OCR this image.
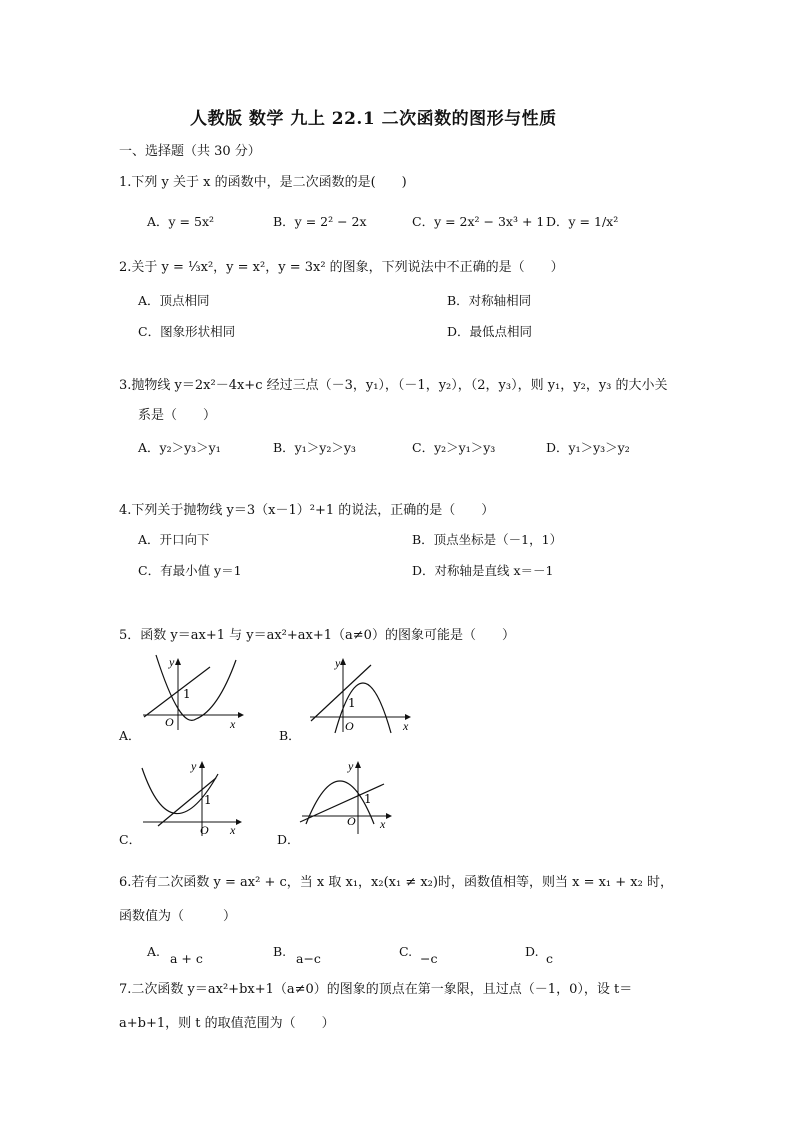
人教版 数学 九上 22.1 二次函数的图形与性质
一、选择题（共 30 分）
1.下列 y 关于 x 的函数中，是二次函数的是(　　)
A．y = 5x²	B．y = 2² − 2x	C．y = 2x² − 3x³ + 1 D．y = 1/x²
2.关于 y = ⅓x²，y = x²，y = 3x² 的图象，下列说法中不正确的是（　　）
A．顶点相同	B．对称轴相同
C．图象形状相同	D．最低点相同
3.抛物线 y＝2x²－4x+c 经过三点（－3，y₁），（－1，y₂），（2，y₃），则 y₁，y₂，y₃ 的大小关
系是（　　）
A．y₂＞y₃＞y₁	B．y₁＞y₂＞y₃	C．y₂＞y₁＞y₃	D．y₁＞y₃＞y₂
4.下列关于抛物线 y＝3（x－1）²+1 的说法，正确的是（　　）
A．开口向下	B．顶点坐标是（－1，1）
C．有最小值 y＝1	D．对称轴是直线 x＝－1
5．函数 y＝ax+1 与 y＝ax²+ax+1（a≠0）的图象可能是（　　）
y
x
O
1
A．
y
x
O
1
B．
y
x
O
1
C．
y
x
O
1
D．
6.若有二次函数 y = ax² + c，当 x 取 x₁，x₂(x₁ ≠ x₂)时，函数值相等，则当 x = x₁ + x₂ 时，
函数值为（　　　）
A. a + c	B. a−c	C. −c	D. c
7.二次函数 y＝ax²+bx+1（a≠0）的图象的顶点在第一象限，且过点（－1，0），设 t＝
a+b+1，则 t 的取值范围为（　　）
